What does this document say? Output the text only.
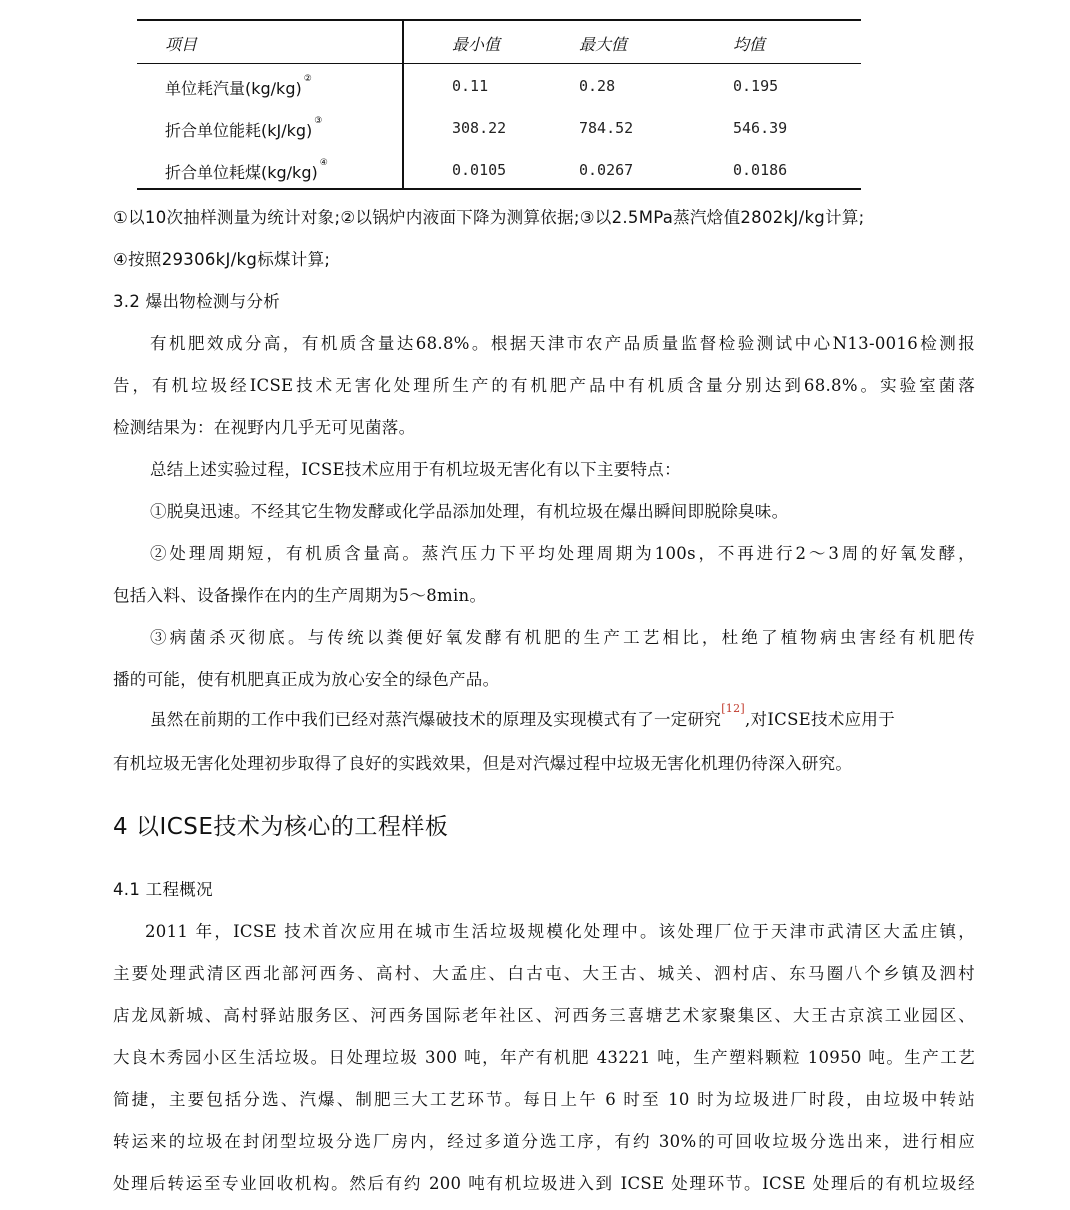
项目	最小值	最大值	均值
单位耗汽量(kg/kg) ②	0.11	0.28	0.195
折合单位能耗(kJ/kg) ③	308.22	784.52	546.39
折合单位耗煤(kg/kg) ④	0.0105	0.0267	0.0186
①以10次抽样测量为统计对象;②以锅炉内液面下降为测算依据;③以2.5MPa蒸汽焓值2802kJ/kg计算;
④按照29306kJ/kg标煤计算;
3.2 爆出物检测与分析
有机肥效成分高，有机质含量达68.8%。根据天津市农产品质量监督检验测试中心N13-0016检测报
告，有机垃圾经ICSE技术无害化处理所生产的有机肥产品中有机质含量分别达到68.8%。实验室菌落
检测结果为：在视野内几乎无可见菌落。
总结上述实验过程，ICSE技术应用于有机垃圾无害化有以下主要特点：
①脱臭迅速。不经其它生物发酵或化学品添加处理，有机垃圾在爆出瞬间即脱除臭味。
②处理周期短，有机质含量高。蒸汽压力下平均处理周期为100s，不再进行2～3周的好氧发酵，
包括入料、设备操作在内的生产周期为5～8min。
③病菌杀灭彻底。与传统以粪便好氧发酵有机肥的生产工艺相比，杜绝了植物病虫害经有机肥传
播的可能，使有机肥真正成为放心安全的绿色产品。
虽然在前期的工作中我们已经对蒸汽爆破技术的原理及实现模式有了一定研究[12],对ICSE技术应用于
有机垃圾无害化处理初步取得了良好的实践效果，但是对汽爆过程中垃圾无害化机理仍待深入研究。
4 以ICSE技术为核心的工程样板
4.1 工程概况
2011 年，ICSE 技术首次应用在城市生活垃圾规模化处理中。该处理厂位于天津市武清区大孟庄镇，
主要处理武清区西北部河西务、高村、大孟庄、白古屯、大王古、城关、泗村店、东马圈八个乡镇及泗村
店龙凤新城、高村驿站服务区、河西务国际老年社区、河西务三喜塘艺术家聚集区、大王古京滨工业园区、
大良木秀园小区生活垃圾。日处理垃圾 300 吨，年产有机肥 43221 吨，生产塑料颗粒 10950 吨。生产工艺
简捷，主要包括分选、汽爆、制肥三大工艺环节。每日上午 6 时至 10 时为垃圾进厂时段，由垃圾中转站
转运来的垃圾在封闭型垃圾分选厂房内，经过多道分选工序，有约 30%的可回收垃圾分选出来，进行相应
处理后转运至专业回收机构。然后有约 200 吨有机垃圾进入到 ICSE 处理环节。ICSE 处理后的有机垃圾经
